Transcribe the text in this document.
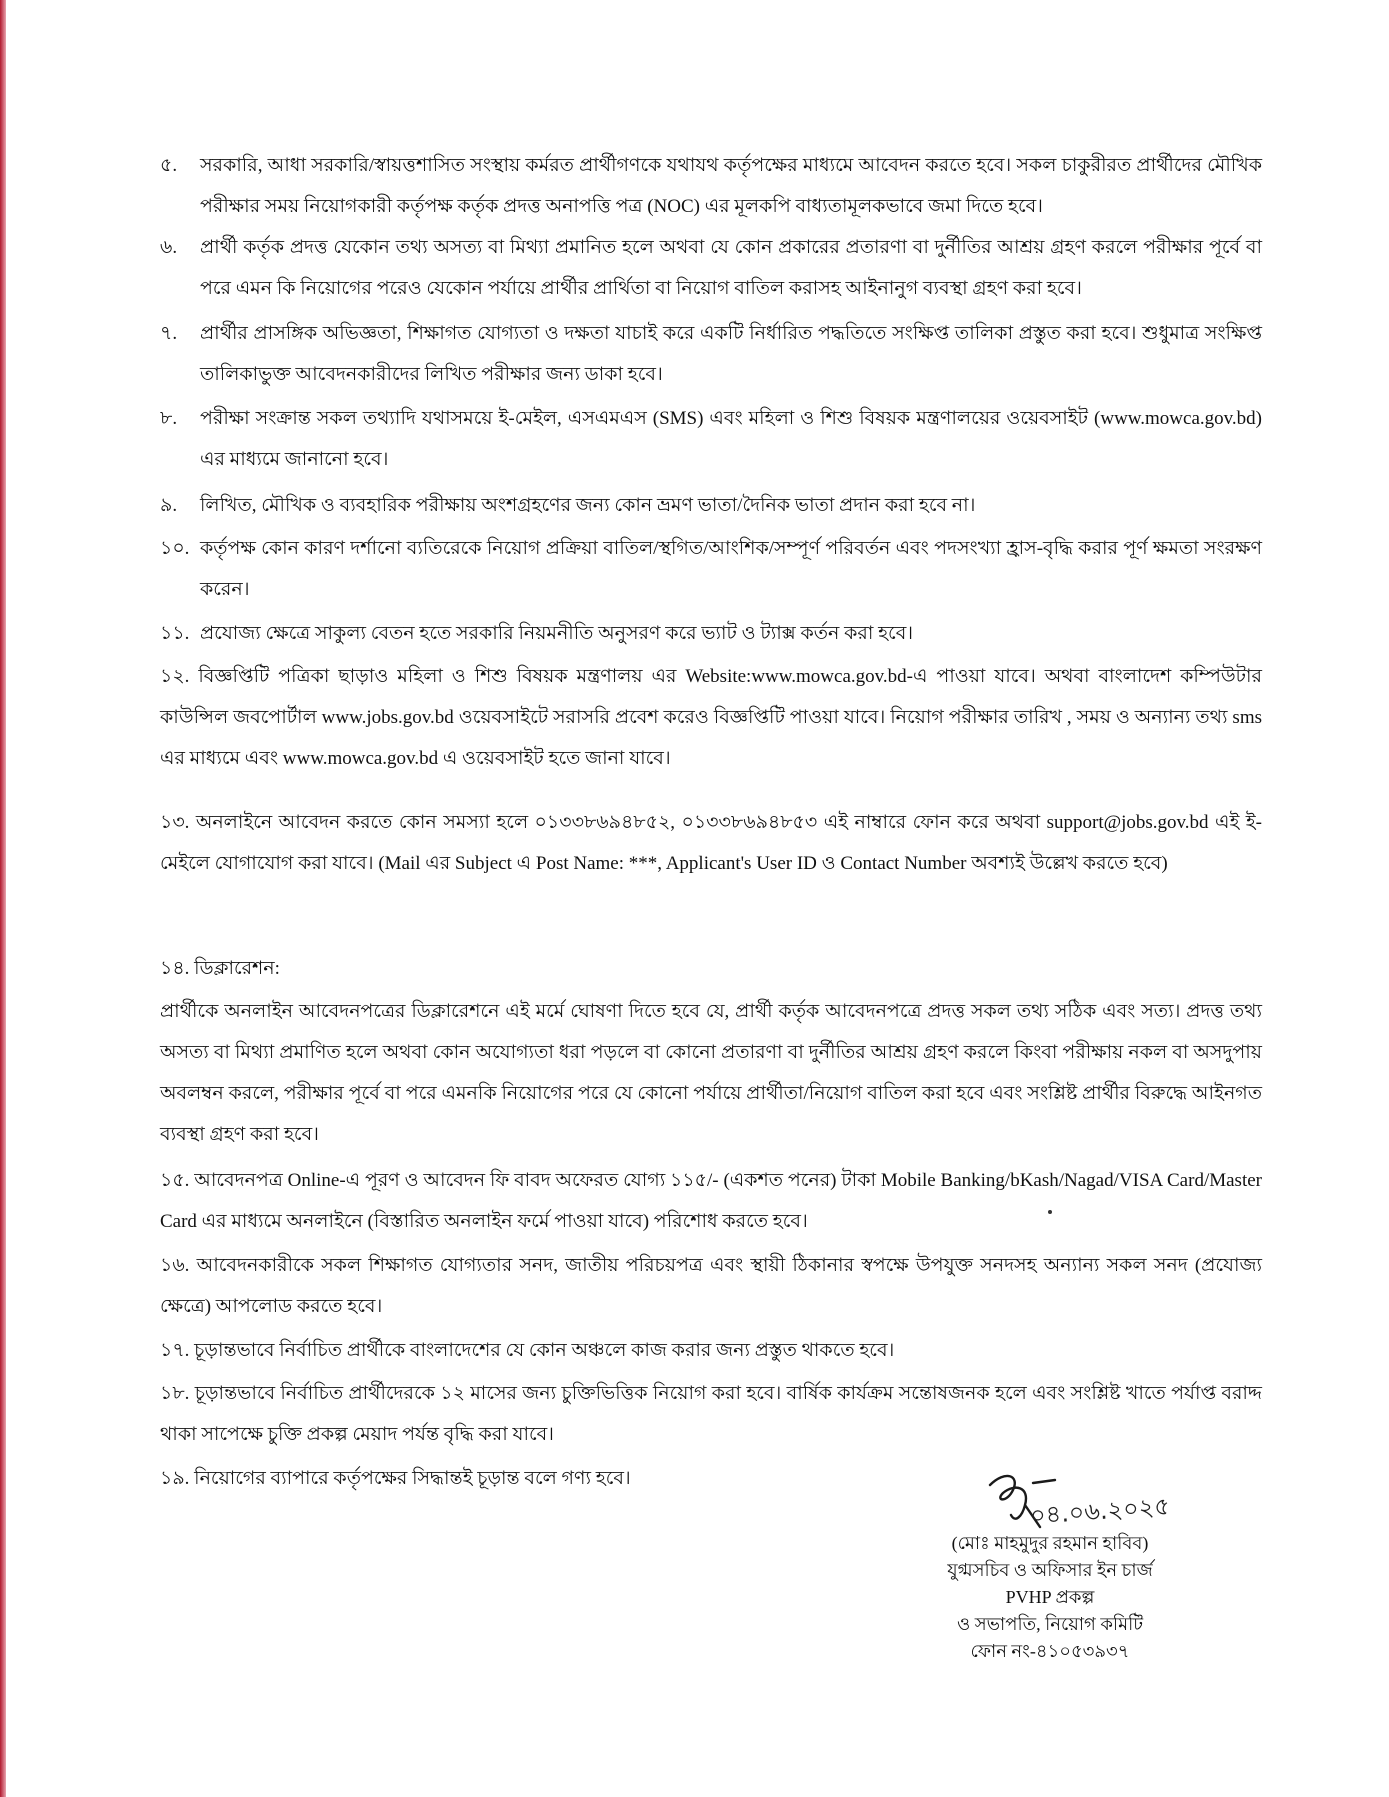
৫. সরকারি, আধা সরকারি/স্বায়ত্তশাসিত সংস্থায় কর্মরত প্রার্থীগণকে যথাযথ কর্তৃপক্ষের মাধ্যমে আবেদন করতে হবে। সকল চাকুরীরত প্রার্থীদের মৌখিক পরীক্ষার সময় নিয়োগকারী কর্তৃপক্ষ কর্তৃক প্রদত্ত অনাপত্তি পত্র (NOC) এর মূলকপি বাধ্যতামূলকভাবে জমা দিতে হবে।
৬. প্রার্থী কর্তৃক প্রদত্ত যেকোন তথ্য অসত্য বা মিথ্যা প্রমানিত হলে অথবা যে কোন প্রকারের প্রতারণা বা দুর্নীতির আশ্রয় গ্রহণ করলে পরীক্ষার পূর্বে বা পরে এমন কি নিয়োগের পরেও যেকোন পর্যায়ে প্রার্থীর প্রার্থিতা বা নিয়োগ বাতিল করাসহ আইনানুগ ব্যবস্থা গ্রহণ করা হবে।
৭. প্রার্থীর প্রাসঙ্গিক অভিজ্ঞতা, শিক্ষাগত যোগ্যতা ও দক্ষতা যাচাই করে একটি নির্ধারিত পদ্ধতিতে সংক্ষিপ্ত তালিকা প্রস্তুত করা হবে। শুধুমাত্র সংক্ষিপ্ত তালিকাভুক্ত আবেদনকারীদের লিখিত পরীক্ষার জন্য ডাকা হবে।
৮. পরীক্ষা সংক্রান্ত সকল তথ্যাদি যথাসময়ে ই-মেইল, এসএমএস (SMS) এবং মহিলা ও শিশু বিষয়ক মন্ত্রণালয়ের ওয়েবসাইট (www.mowca.gov.bd) এর মাধ্যমে জানানো হবে।
৯. লিখিত, মৌখিক ও ব্যবহারিক পরীক্ষায় অংশগ্রহণের জন্য কোন ভ্রমণ ভাতা/দৈনিক ভাতা প্রদান করা হবে না।
১০. কর্তৃপক্ষ কোন কারণ দর্শানো ব্যতিরেকে নিয়োগ প্রক্রিয়া বাতিল/স্থগিত/আংশিক/সম্পূর্ণ পরিবর্তন এবং পদসংখ্যা হ্রাস-বৃদ্ধি করার পূর্ণ ক্ষমতা সংরক্ষণ করেন।
১১. প্রযোজ্য ক্ষেত্রে সাকুল্য বেতন হতে সরকারি নিয়মনীতি অনুসরণ করে ভ্যাট ও ট্যাক্স কর্তন করা হবে।
১২. বিজ্ঞপ্তিটি পত্রিকা ছাড়াও মহিলা ও শিশু বিষয়ক মন্ত্রণালয় এর Website:www.mowca.gov.bd-এ পাওয়া যাবে। অথবা বাংলাদেশ কম্পিউটার কাউন্সিল জবপোর্টাল www.jobs.gov.bd ওয়েবসাইটে সরাসরি প্রবেশ করেও বিজ্ঞপ্তিটি পাওয়া যাবে। নিয়োগ পরীক্ষার তারিখ , সময় ও অন্যান্য তথ্য sms এর মাধ্যমে এবং www.mowca.gov.bd এ ওয়েবসাইট হতে জানা যাবে।
১৩. অনলাইনে আবেদন করতে কোন সমস্যা হলে ০১৩৩৮৬৯৪৮৫২, ০১৩৩৮৬৯৪৮৫৩ এই নাম্বারে ফোন করে অথবা support@jobs.gov.bd এই ই-মেইলে যোগাযোগ করা যাবে। (Mail এর Subject এ Post Name: ***, Applicant's User ID ও Contact Number অবশ্যই উল্লেখ করতে হবে)
১৪. ডিক্লারেশন:
প্রার্থীকে অনলাইন আবেদনপত্রের ডিক্লারেশনে এই মর্মে ঘোষণা দিতে হবে যে, প্রার্থী কর্তৃক আবেদনপত্রে প্রদত্ত সকল তথ্য সঠিক এবং সত্য। প্রদত্ত তথ্য অসত্য বা মিথ্যা প্রমাণিত হলে অথবা কোন অযোগ্যতা ধরা পড়লে বা কোনো প্রতারণা বা দুর্নীতির আশ্রয় গ্রহণ করলে কিংবা পরীক্ষায় নকল বা অসদুপায় অবলম্বন করলে, পরীক্ষার পূর্বে বা পরে এমনকি নিয়োগের পরে যে কোনো পর্যায়ে প্রার্থীতা/নিয়োগ বাতিল করা হবে এবং সংশ্লিষ্ট প্রার্থীর বিরুদ্ধে আইনগত ব্যবস্থা গ্রহণ করা হবে।
১৫. আবেদনপত্র Online-এ পূরণ ও আবেদন ফি বাবদ অফেরত যোগ্য ১১৫/- (একশত পনের) টাকা Mobile Banking/bKash/Nagad/VISA Card/Master Card এর মাধ্যমে অনলাইনে (বিস্তারিত অনলাইন ফর্মে পাওয়া যাবে) পরিশোধ করতে হবে।
১৬. আবেদনকারীকে সকল শিক্ষাগত যোগ্যতার সনদ, জাতীয় পরিচয়পত্র এবং স্থায়ী ঠিকানার স্বপক্ষে উপযুক্ত সনদসহ অন্যান্য সকল সনদ (প্রযোজ্য ক্ষেত্রে) আপলোড করতে হবে।
১৭. চূড়ান্তভাবে নির্বাচিত প্রার্থীকে বাংলাদেশের যে কোন অঞ্চলে কাজ করার জন্য প্রস্তুত থাকতে হবে।
১৮. চূড়ান্তভাবে নির্বাচিত প্রার্থীদেরকে ১২ মাসের জন্য চুক্তিভিত্তিক নিয়োগ করা হবে। বার্ষিক কার্যক্রম সন্তোষজনক হলে এবং সংশ্লিষ্ট খাতে পর্যাপ্ত বরাদ্দ থাকা সাপেক্ষে চুক্তি প্রকল্প মেয়াদ পর্যন্ত বৃদ্ধি করা যাবে।
১৯. নিয়োগের ব্যাপারে কর্তৃপক্ষের সিদ্ধান্তই চূড়ান্ত বলে গণ্য হবে।
০৪.০৬.২০২৫
(মোঃ মাহমুদুর রহমান হাবিব)
যুগ্মসচিব ও অফিসার ইন চার্জ
PVHP প্রকল্প
ও সভাপতি, নিয়োগ কমিটি
ফোন নং-৪১০৫৩৯৩৭
